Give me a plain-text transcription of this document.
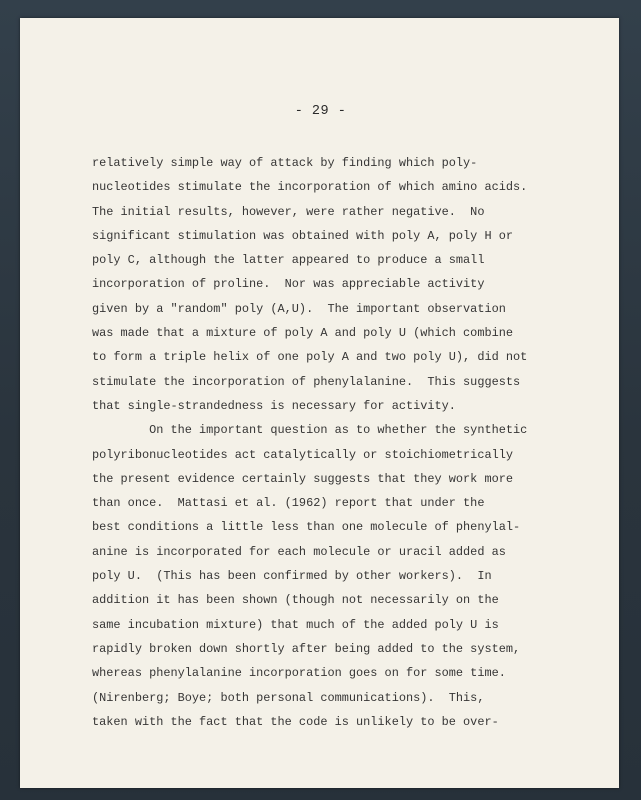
- 29 -
relatively simple way of attack by finding which poly-
nucleotides stimulate the incorporation of which amino acids.
The initial results, however, were rather negative.  No
significant stimulation was obtained with poly A, poly H or
poly C, although the latter appeared to produce a small
incorporation of proline.  Nor was appreciable activity
given by a "random" poly (A,U).  The important observation
was made that a mixture of poly A and poly U (which combine
to form a triple helix of one poly A and two poly U), did not
stimulate the incorporation of phenylalanine.  This suggests
that single-strandedness is necessary for activity.
On the important question as to whether the synthetic
polyribonucleotides act catalytically or stoichiometrically
the present evidence certainly suggests that they work more
than once.  Mattasi et al. (1962) report that under the
best conditions a little less than one molecule of phenylal-
anine is incorporated for each molecule or uracil added as
poly U.  (This has been confirmed by other workers).  In
addition it has been shown (though not necessarily on the
same incubation mixture) that much of the added poly U is
rapidly broken down shortly after being added to the system,
whereas phenylalanine incorporation goes on for some time.
(Nirenberg; Boye; both personal communications).  This,
taken with the fact that the code is unlikely to be over-
